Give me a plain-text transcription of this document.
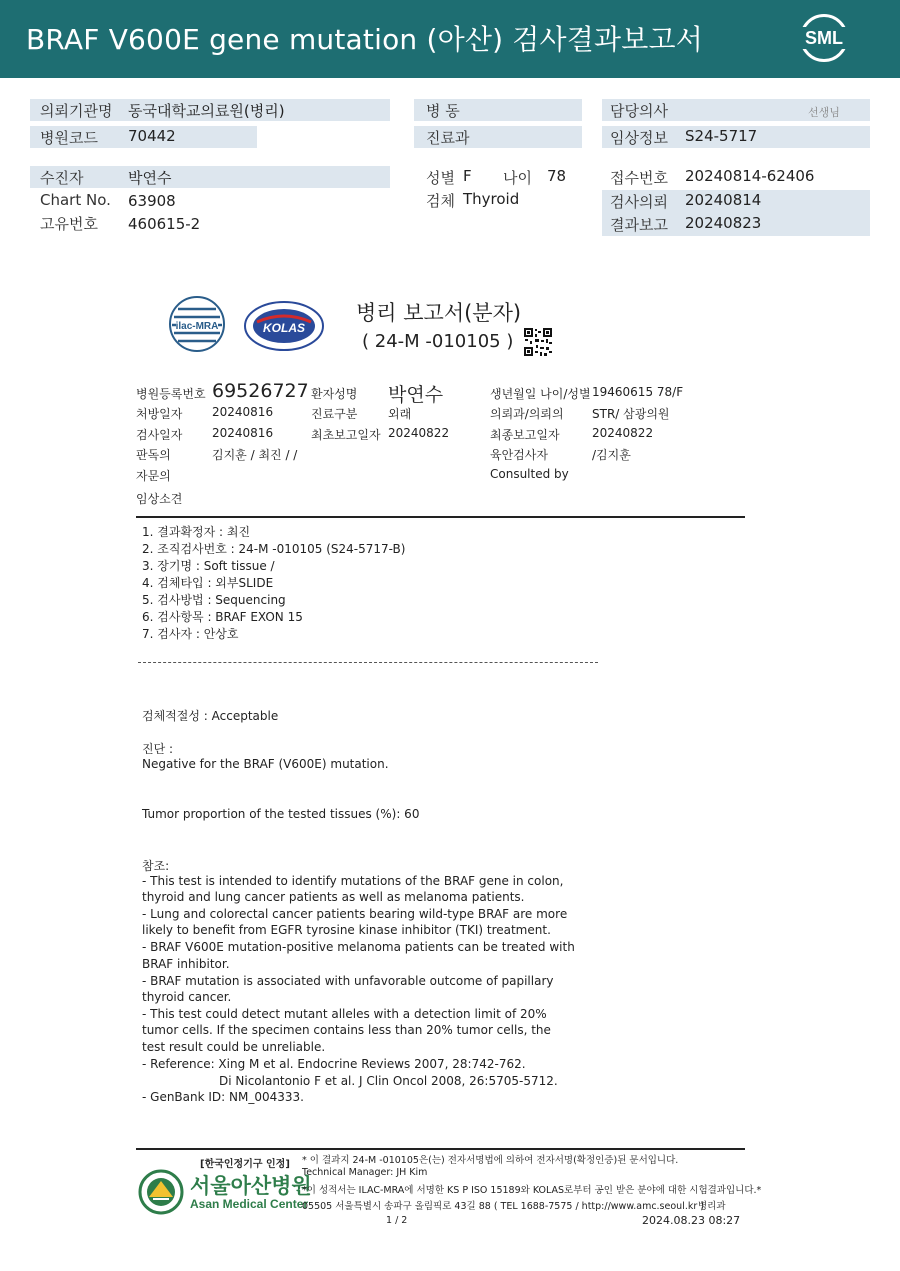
BRAF V600E gene mutation (아산) 검사결과보고서	SML
의뢰기관명 동국대학교의료원(병리)
병원코드 70442
수진자	박연수
Chart No. 63908
고유번호 460615-2
병 동
진료과
성별 F 나이 78
검체 Thyroid
담당의사	선생님
임상정보 S24-5717
접수번호 20240814-62406
검사의뢰 20240814
결과보고 20240823
ilac-MRA	KOLAS
병리 보고서(분자)
( 24-M -010105 )
병원등록번호 69526727 환자성명 박연수	생년월일 나이/성별 19460615 78/F
처방일자 20240816	진료구분	외래	의뢰과/의뢰의 STR/ 삼광의원
검사일자 20240816	최초보고일자 20240822	최종보고일자	20240822
판독의	김지훈 / 최진 / /	육안검사자	/김지훈
자문의	Consulted by
임상소견
1. 결과확정자 : 최진
2. 조직검사번호 : 24-M -010105 (S24-5717-B)
3. 장기명 : Soft tissue /
4. 검체타입 : 외부SLIDE
5. 검사방법 : Sequencing
6. 검사항목 : BRAF EXON 15
7. 검사자 : 안상호
검체적절성 : Acceptable
진단 :
Negative for the BRAF (V600E) mutation.
Tumor proportion of the tested tissues (%): 60
참조:
- This test is intended to identify mutations of the BRAF gene in colon,
thyroid and lung cancer patients as well as melanoma patients.
- Lung and colorectal cancer patients bearing wild-type BRAF are more
likely to benefit from EGFR tyrosine kinase inhibitor (TKI) treatment.
- BRAF V600E mutation-positive melanoma patients can be treated with
BRAF inhibitor.
- BRAF mutation is associated with unfavorable outcome of papillary
thyroid cancer.
- This test could detect mutant alleles with a detection limit of 20%
tumor cells. If the specimen contains less than 20% tumor cells, the
test result could be unreliable.
- Reference: Xing M et al. Endocrine Reviews 2007, 28:742-762.
Di Nicolantonio F et al. J Clin Oncol 2008, 26:5705-5712.
- GenBank ID: NM_004333.
[한국인정기구 인정]
서울아산병원
Asan Medical Center
* 이 결과지 24-M -010105은(는) 전자서명법에 의하여 전자서명(확정인증)된 문서입니다.
Technical Manager: JH Kim
*이 성적서는 ILAC-MRA에 서명한 KS P ISO 15189와 KOLAS로부터 공인 받은 분야에 대한 시험결과입니다.*
05505 서울특별시 송파구 올림픽로 43길 88 ( TEL 1688-7575 / http://www.amc.seoul.kr )
병리과
1 / 2	2024.08.23 08:27
